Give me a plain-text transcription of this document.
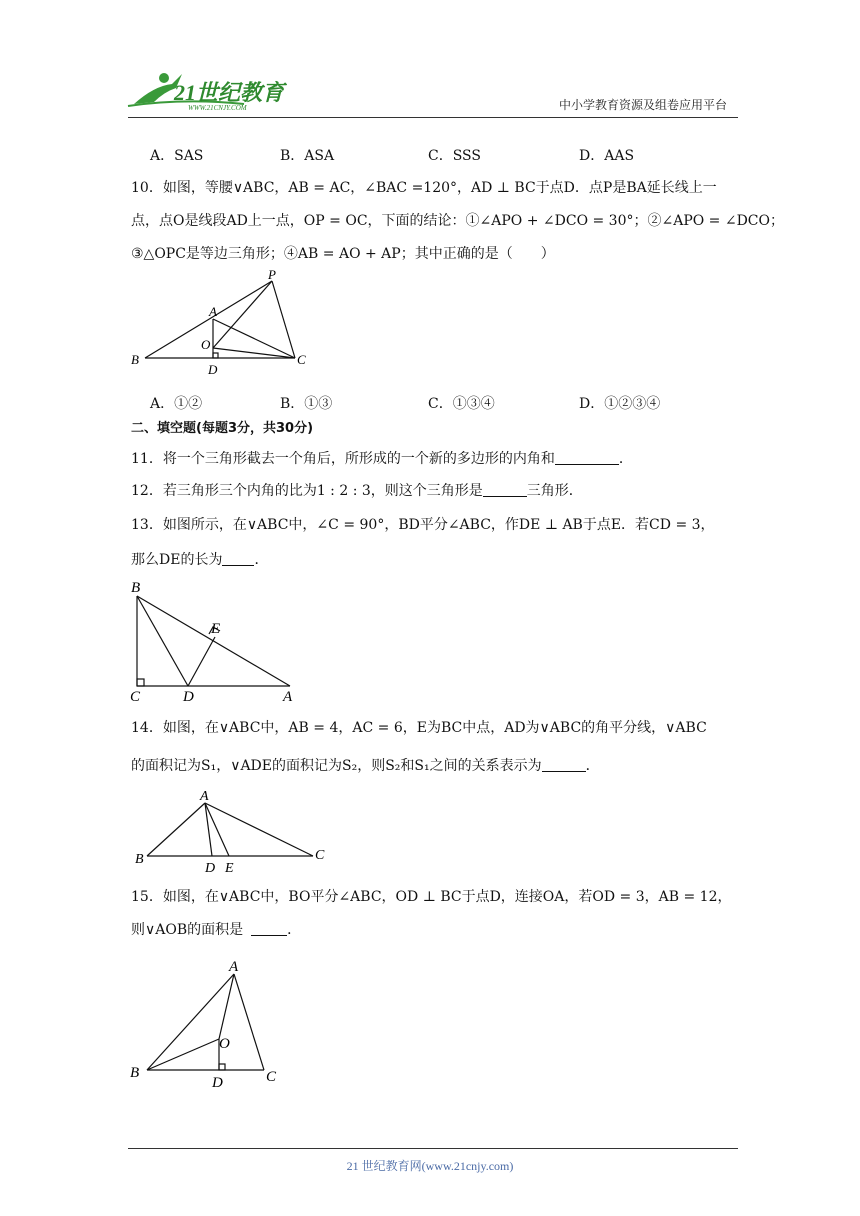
21世纪教育
WWW.21CNJY.COM	中小学教育资源及组卷应用平台
A．SAS	B．ASA	C．SSS	D．AAS
10．如图，等腰∨ABC，AB = AC，∠BAC =120°，AD ⊥ BC于点D．点P是BA延长线上一
点，点O是线段AD上一点，OP = OC，下面的结论：①∠APO + ∠DCO = 30°；②∠APO = ∠DCO；
③△OPC是等边三角形；④AB = AO + AP；其中正确的是（　　）
P
A
O
B
D
C
A．①②	B．①③	C．①③④	D．①②③④
二、填空题(每题3分，共30分)
11．将一个三角形截去一个角后，所形成的一个新的多边形的内角和	．
12．若三角形三个内角的比为1 : 2 : 3，则这个三角形是	三角形．
13．如图所示，在∨ABC中，∠C = 90°，BD平分∠ABC，作DE ⊥ AB于点E．若CD = 3，
那么DE的长为 ．
B
E
C	D	A
14．如图，在∨ABC中，AB = 4，AC = 6，E为BC中点，AD为∨ABC的角平分线，∨ABC
的面积记为S₁，∨ADE的面积记为S₂，则S₂和S₁之间的关系表示为	．
A
B
D E
C
15．如图，在∨ABC中，BO平分∠ABC，OD ⊥ BC于点D，连接OA，若OD = 3，AB = 12，
则∨AOB的面积是	．
A
O
B
D	C
21 世纪教育网(www.21cnjy.com)
